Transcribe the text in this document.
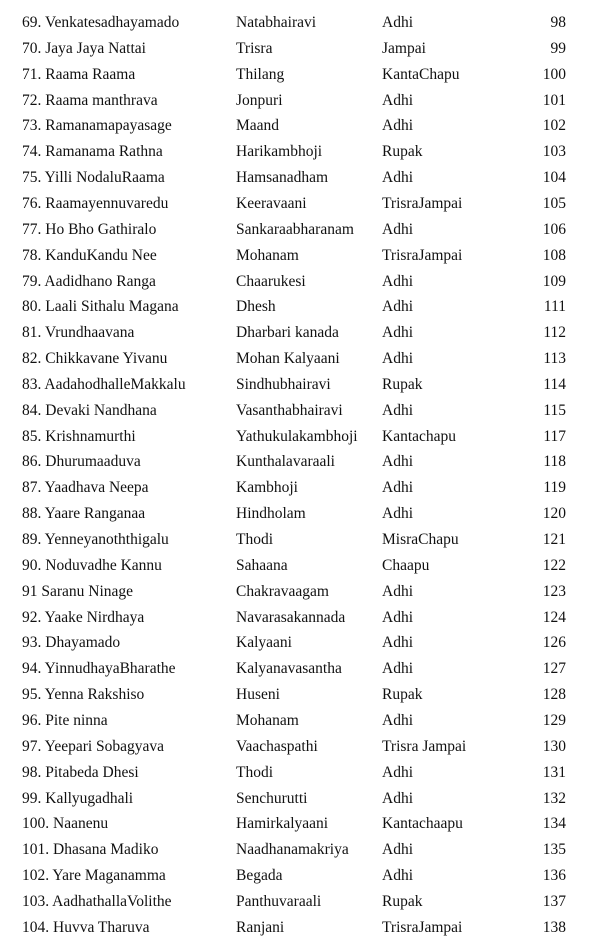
69. Venkatesadhayamado	Natabhairavi	Adhi	98
70. Jaya Jaya Nattai	Trisra	Jampai	99
71. Raama Raama	Thilang	KantaChapu	100
72. Raama manthrava	Jonpuri	Adhi	101
73. Ramanamapayasage	Maand	Adhi	102
74. Ramanama Rathna	Harikambhoji	Rupak	103
75. Yilli NodaluRaama	Hamsanadham	Adhi	104
76. Raamayennuvaredu	Keeravaani	TrisraJampai	105
77. Ho Bho Gathiralo	Sankaraabharanam	Adhi	106
78. KanduKandu Nee	Mohanam	TrisraJampai	108
79. Aadidhano Ranga	Chaarukesi	Adhi	109
80. Laali Sithalu Magana	Dhesh	Adhi	111
81. Vrundhaavana	Dharbari kanada	Adhi	112
82. Chikkavane Yivanu	Mohan Kalyaani	Adhi	113
83. AadahodhalleMakkalu	Sindhubhairavi	Rupak	114
84. Devaki Nandhana	Vasanthabhairavi	Adhi	115
85. Krishnamurthi	Yathukulakambhoji	Kantachapu	117
86. Dhurumaaduva	Kunthalavaraali	Adhi	118
87. Yaadhava Neepa	Kambhoji	Adhi	119
88. Yaare Ranganaa	Hindholam	Adhi	120
89. Yenneyanoththigalu	Thodi	MisraChapu	121
90. Noduvadhe Kannu	Sahaana	Chaapu	122
91 Saranu Ninage	Chakravaagam	Adhi	123
92. Yaake Nirdhaya	Navarasakannada	Adhi	124
93. Dhayamado	Kalyaani	Adhi	126
94. YinnudhayaBharathe	Kalyanavasantha	Adhi	127
95. Yenna Rakshiso	Huseni	Rupak	128
96. Pite ninna	Mohanam	Adhi	129
97. Yeepari Sobagyava	Vaachaspathi	Trisra Jampai	130
98. Pitabeda Dhesi	Thodi	Adhi	131
99. Kallyugadhali	Senchurutti	Adhi	132
100. Naanenu	Hamirkalyaani	Kantachaapu	134
101. Dhasana Madiko	Naadhanamakriya	Adhi	135
102. Yare Maganamma	Begada	Adhi	136
103. AadhathallaVolithe	Panthuvaraali	Rupak	137
104. Huvva Tharuva	Ranjani	TrisraJampai	138
